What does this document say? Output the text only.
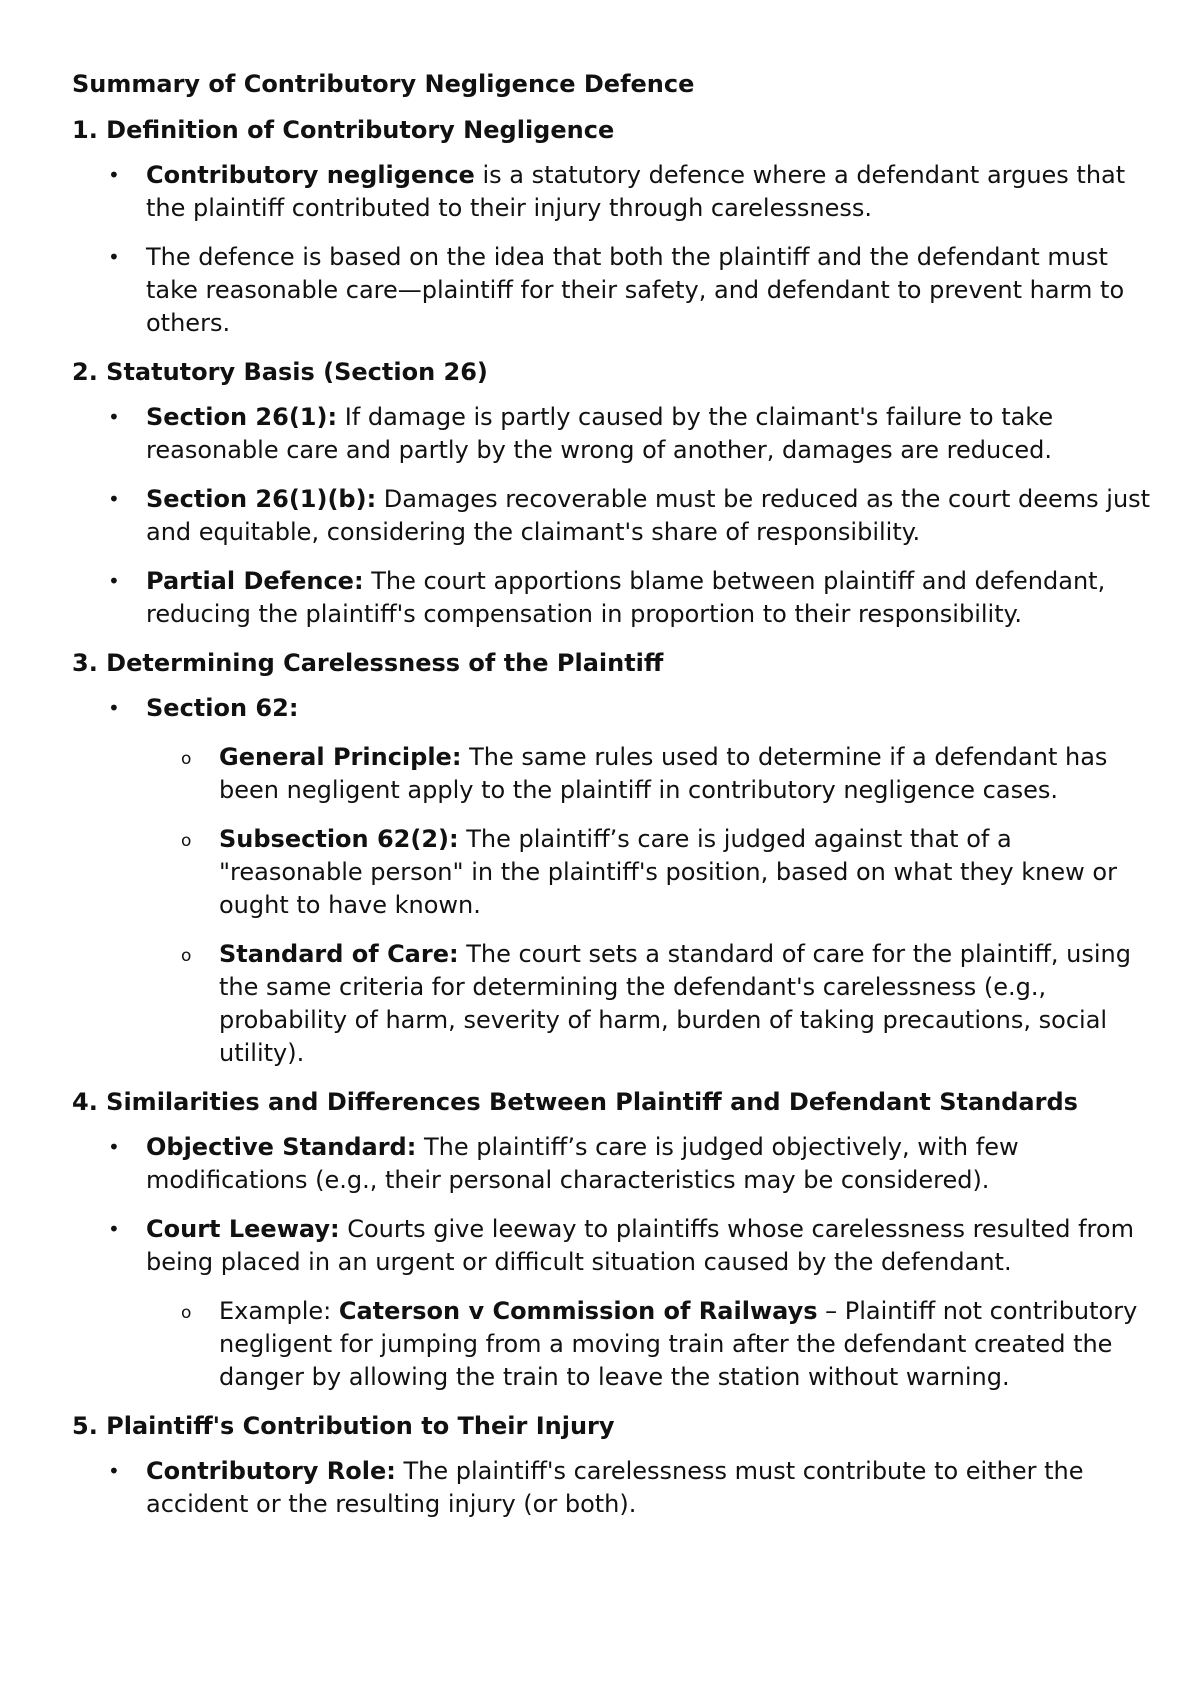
Summary of Contributory Negligence Defence
1. Definition of Contributory Negligence
• Contributory negligence is a statutory defence where a defendant argues that the plaintiff contributed to their injury through carelessness.
• The defence is based on the idea that both the plaintiff and the defendant must take reasonable care—plaintiff for their safety, and defendant to prevent harm to others.
2. Statutory Basis (Section 26)
• Section 26(1): If damage is partly caused by the claimant's failure to take reasonable care and partly by the wrong of another, damages are reduced.
• Section 26(1)(b): Damages recoverable must be reduced as the court deems just and equitable, considering the claimant's share of responsibility.
• Partial Defence: The court apportions blame between plaintiff and defendant, reducing the plaintiff's compensation in proportion to their responsibility.
3. Determining Carelessness of the Plaintiff
• Section 62:
o General Principle: The same rules used to determine if a defendant has been negligent apply to the plaintiff in contributory negligence cases.
o Subsection 62(2): The plaintiff’s care is judged against that of a "reasonable person" in the plaintiff's position, based on what they knew or ought to have known.
o Standard of Care: The court sets a standard of care for the plaintiff, using the same criteria for determining the defendant's carelessness (e.g., probability of harm, severity of harm, burden of taking precautions, social utility).
4. Similarities and Differences Between Plaintiff and Defendant Standards
• Objective Standard: The plaintiff’s care is judged objectively, with few modifications (e.g., their personal characteristics may be considered).
• Court Leeway: Courts give leeway to plaintiffs whose carelessness resulted from being placed in an urgent or difficult situation caused by the defendant.
o Example: Caterson v Commission of Railways – Plaintiff not contributory negligent for jumping from a moving train after the defendant created the danger by allowing the train to leave the station without warning.
5. Plaintiff's Contribution to Their Injury
• Contributory Role: The plaintiff's carelessness must contribute to either the accident or the resulting injury (or both).
